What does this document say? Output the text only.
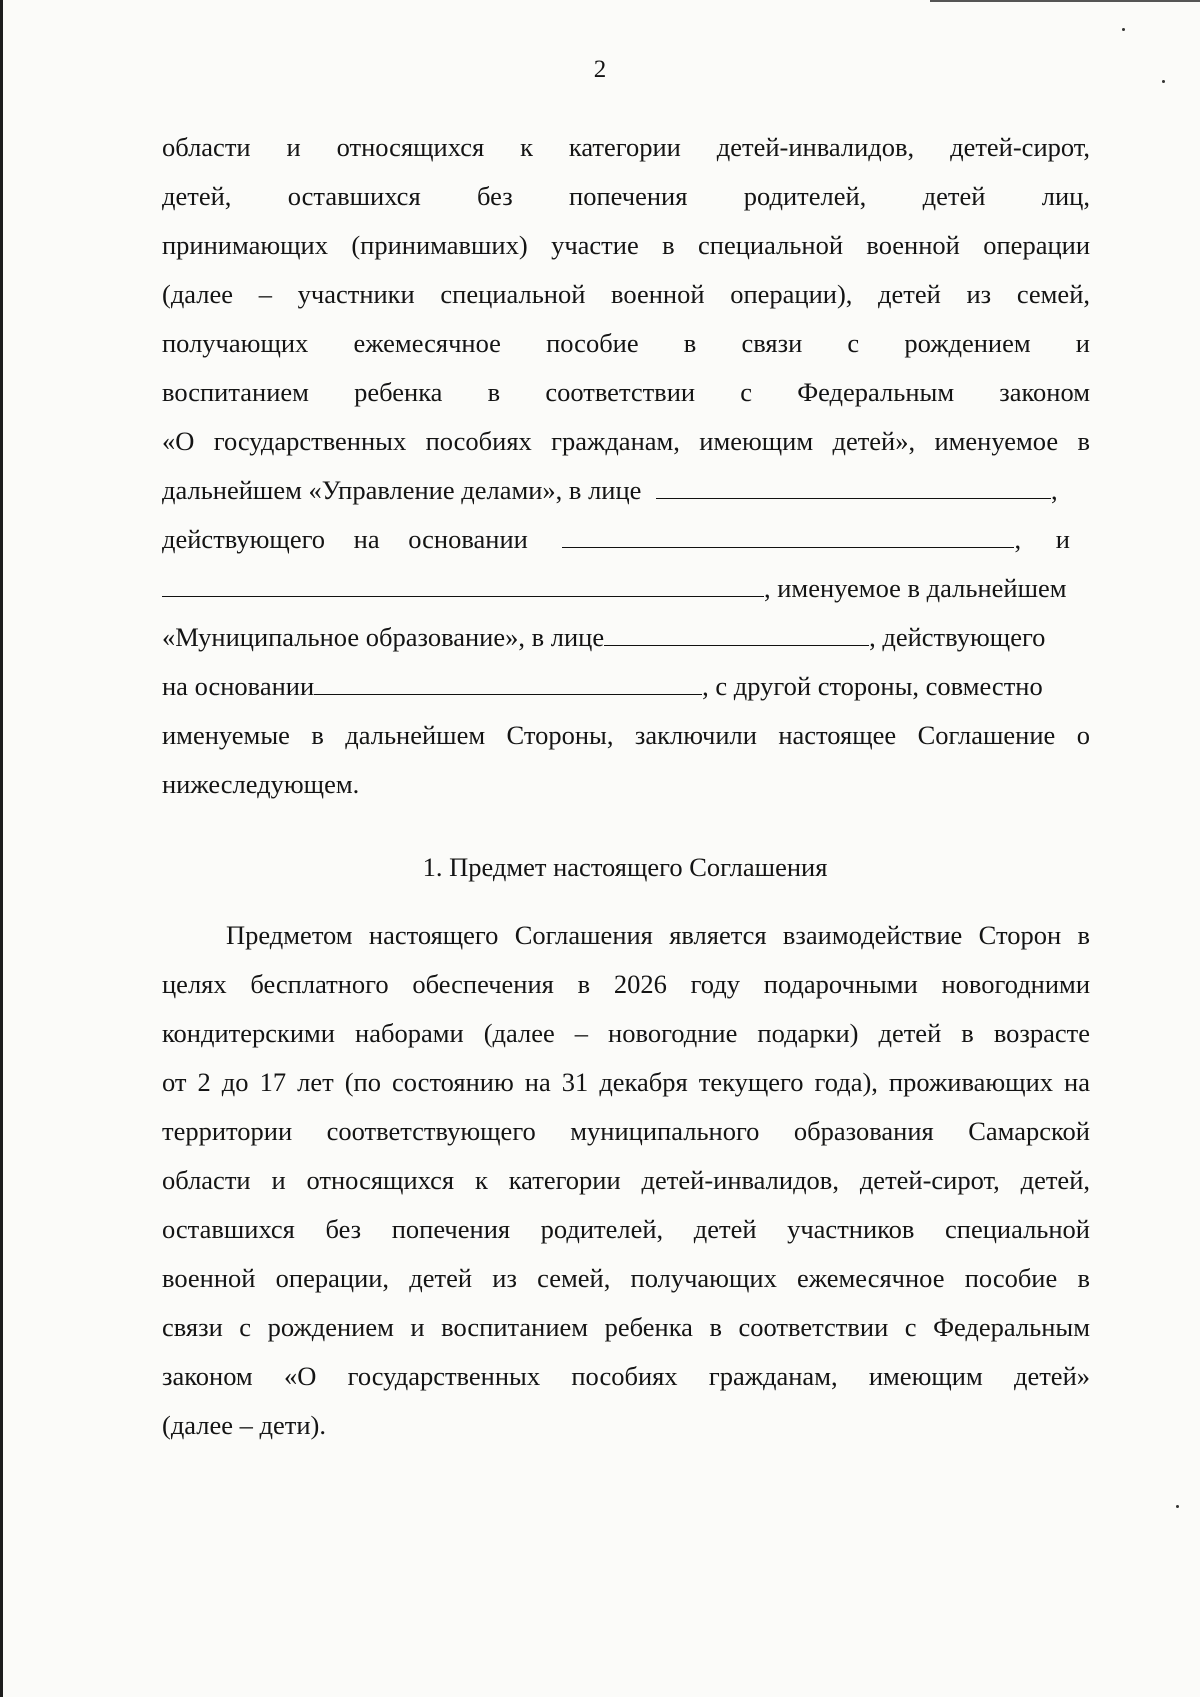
2
области и относящихся к категории детей-инвалидов, детей-сирот,
детей, оставшихся без попечения родителей, детей лиц,
принимающих (принимавших) участие в специальной военной операции
(далее – участники специальной военной операции), детей из семей,
получающих ежемесячное пособие в связи с рождением и
воспитанием ребенка в соответствии с Федеральным законом
«О государственных пособиях гражданам, имеющим детей», именуемое в
дальнейшем «Управление делами», в лице	,
действующего на основании	, и
, именуемое в дальнейшем
«Муниципальное образование», в лице	, действующего
на основании	, с другой стороны, совместно
именуемые в дальнейшем Стороны, заключили настоящее Соглашение о
нижеследующем.
1. Предмет настоящего Соглашения
Предметом настоящего Соглашения является взаимодействие Сторон в
целях бесплатного обеспечения в 2026 году подарочными новогодними
кондитерскими наборами (далее – новогодние подарки) детей в возрасте
от 2 до 17 лет (по состоянию на 31 декабря текущего года), проживающих на
территории соответствующего муниципального образования Самарской
области и относящихся к категории детей-инвалидов, детей-сирот, детей,
оставшихся без попечения родителей, детей участников специальной
военной операции, детей из семей, получающих ежемесячное пособие в
связи с рождением и воспитанием ребенка в соответствии с Федеральным
законом «О государственных пособиях гражданам, имеющим детей»
(далее – дети).
